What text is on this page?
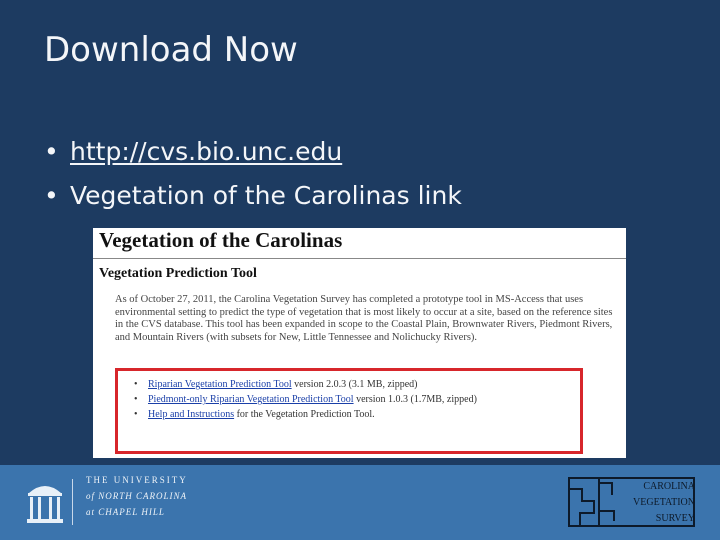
Download Now
• http://cvs.bio.unc.edu
• Vegetation of the Carolinas link
Vegetation of the Carolinas
Vegetation Prediction Tool
As of October 27, 2011, the Carolina Vegetation Survey has completed a prototype tool in MS-Access that uses environmental setting to predict the type of vegetation that is most likely to occur at a site, based on the reference sites in the CVS database. This tool has been expanded in scope to the Coastal Plain, Brownwater Rivers, Piedmont Rivers, and Mountain Rivers (with subsets for New, Little Tennessee and Nolichucky Rivers).
• Riparian Vegetation Prediction Tool version 2.0.3 (3.1 MB, zipped)
• Piedmont-only Riparian Vegetation Prediction Tool version 1.0.3 (1.7MB, zipped)
• Help and Instructions for the Vegetation Prediction Tool.
THE UNIVERSITY
of NORTH CAROLINA
at CHAPEL HILL
CAROLINA
VEGETATION
SURVEY
